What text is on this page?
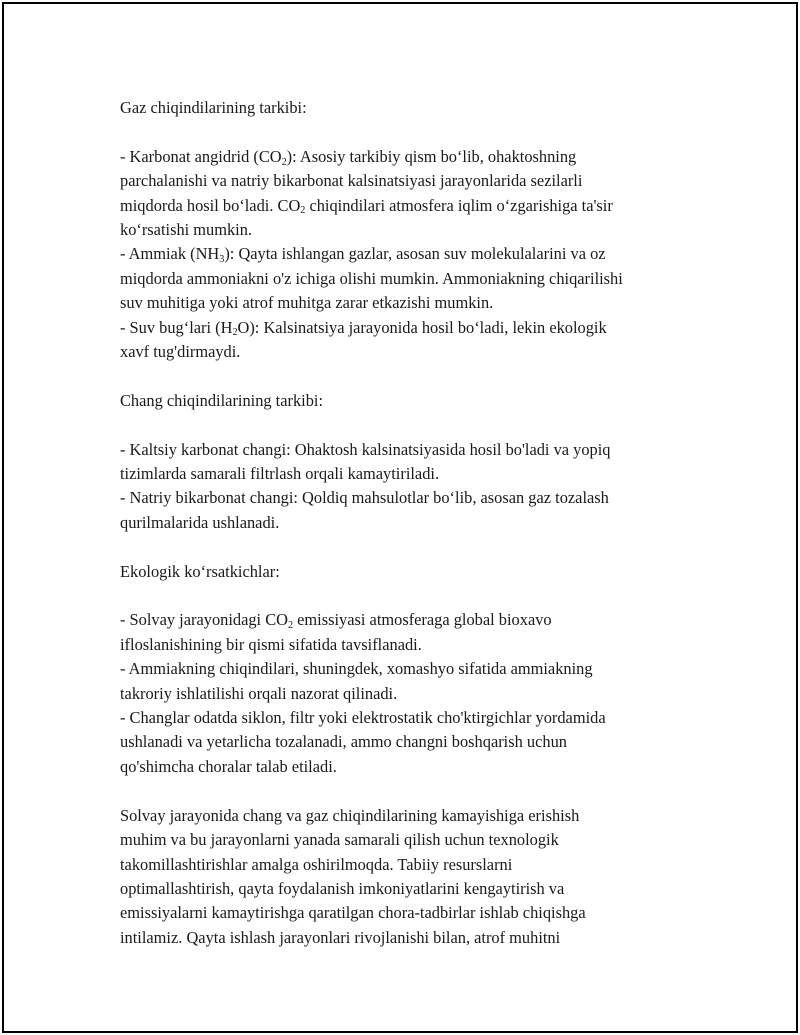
Gaz chiqindilarining tarkibi:
- Karbonat angidrid $(CO_2)$: Asosiy tarkibiy qism bo‘lib, ohaktoshning
parchalanishi va natriy bikarbonat kalsinatsiyasi jarayonlarida sezilarli
miqdorda hosil bo‘ladi. $CO_2$ chiqindilari atmosfera iqlim o‘zgarishiga ta'sir
ko‘rsatishi mumkin.
- Ammiak $(NH_3)$: Qayta ishlangan gazlar, asosan suv molekulalarini va oz
miqdorda ammoniakni o'z ichiga olishi mumkin. Ammoniakning chiqarilishi
suv muhitiga yoki atrof muhitga zarar etkazishi mumkin.
- Suv bug‘lari $(H_2O)$: Kalsinatsiya jarayonida hosil bo‘ladi, lekin ekologik
xavf tug'dirmaydi.
Chang chiqindilarining tarkibi:
- Kaltsiy karbonat changi: Ohaktosh kalsinatsiyasida hosil bo'ladi va yopiq
tizimlarda samarali filtrlash orqali kamaytiriladi.
- Natriy bikarbonat changi: Qoldiq mahsulotlar bo‘lib, asosan gaz tozalash
qurilmalarida ushlanadi.
Ekologik ko‘rsatkichlar:
- Solvay jarayonidagi $CO_2$ emissiyasi atmosferaga global bioxavo
ifloslanishining bir qismi sifatida tavsiflanadi.
- Ammiakning chiqindilari, shuningdek, xomashyo sifatida ammiakning
takroriy ishlatilishi orqali nazorat qilinadi.
- Changlar odatda siklon, filtr yoki elektrostatik cho'ktirgichlar yordamida
ushlanadi va yetarlicha tozalanadi, ammo changni boshqarish uchun
qo'shimcha choralar talab etiladi.
Solvay jarayonida chang va gaz chiqindilarining kamayishiga erishish
muhim va bu jarayonlarni yanada samarali qilish uchun texnologik
takomillashtirishlar amalga oshirilmoqda. Tabiiy resurslarni
optimallashtirish, qayta foydalanish imkoniyatlarini kengaytirish va
emissiyalarni kamaytirishga qaratilgan chora-tadbirlar ishlab chiqishga
intilamiz. Qayta ishlash jarayonlari rivojlanishi bilan, atrof muhitni
